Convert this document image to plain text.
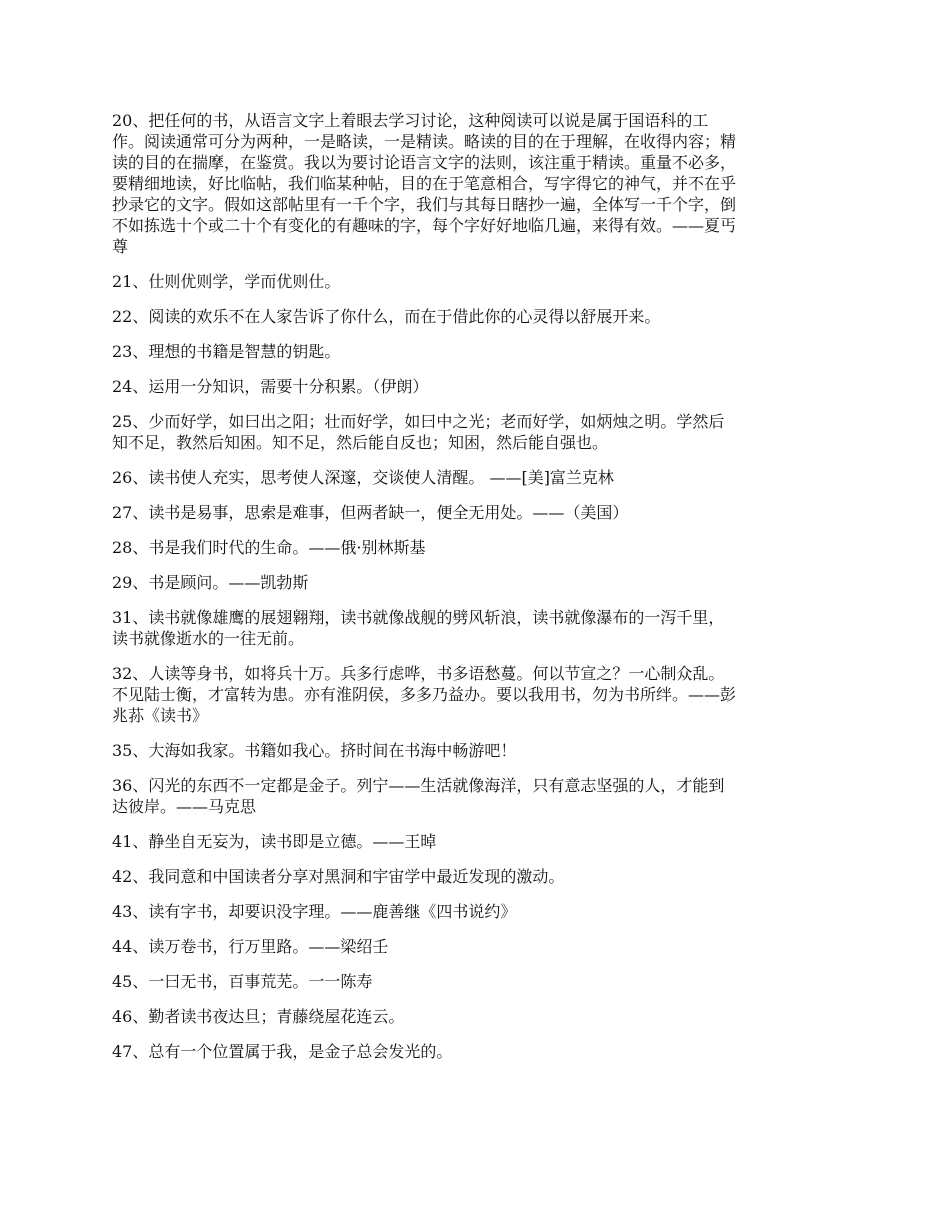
20、把任何的书，从语言文字上着眼去学习讨论，这种阅读可以说是属于国语科的工
作。阅读通常可分为两种，一是略读，一是精读。略读的目的在于理解，在收得内容；精
读的目的在揣摩，在鉴赏。我以为要讨论语言文字的法则，该注重于精读。重量不必多，
要精细地读，好比临帖，我们临某种帖，目的在于笔意相合，写字得它的神气，并不在乎
抄录它的文字。假如这部帖里有一千个字，我们与其每日瞎抄一遍，全体写一千个字，倒
不如拣选十个或二十个有变化的有趣味的字，每个字好好地临几遍，来得有效。——夏丐
尊

21、仕则优则学，学而优则仕。

22、阅读的欢乐不在人家告诉了你什么，而在于借此你的心灵得以舒展开来。

23、理想的书籍是智慧的钥匙。

24、运用一分知识，需要十分积累。（伊朗）

25、少而好学，如曰出之阳；壮而好学，如曰中之光；老而好学，如炳烛之明。学然后
知不足，教然后知困。知不足，然后能自反也；知困，然后能自强也。

26、读书使人充实，思考使人深邃，交谈使人清醒。 ——[美]富兰克林

27、读书是易事，思索是难事，但两者缺一，便全无用处。——（美国）

28、书是我们时代的生命。——俄·别林斯基

29、书是顾问。——凯勃斯

31、读书就像雄鹰的展翅翱翔，读书就像战舰的劈风斩浪，读书就像瀑布的一泻千里，
读书就像逝水的一往无前。

32、人读等身书，如将兵十万。兵多行虑哗，书多语愁蔓。何以节宣之？一心制众乱。
不见陆士衡，才富转为患。亦有淮阴侯，多多乃益办。要以我用书，勿为书所绊。——彭
兆荪《读书》

35、大海如我家。书籍如我心。挤时间在书海中畅游吧！

36、闪光的东西不一定都是金子。列宁——生活就像海洋，只有意志坚强的人，才能到
达彼岸。——马克思

41、静坐自无妄为，读书即是立德。——王晫

42、我同意和中国读者分享对黑洞和宇宙学中最近发现的激动。

43、读有字书，却要识没字理。——鹿善继《四书说约》

44、读万卷书，行万里路。——梁绍壬

45、一曰无书，百事荒芜。一一陈寿

46、勤者读书夜达旦；青藤绕屋花连云。

47、总有一个位置属于我，是金子总会发光的。
